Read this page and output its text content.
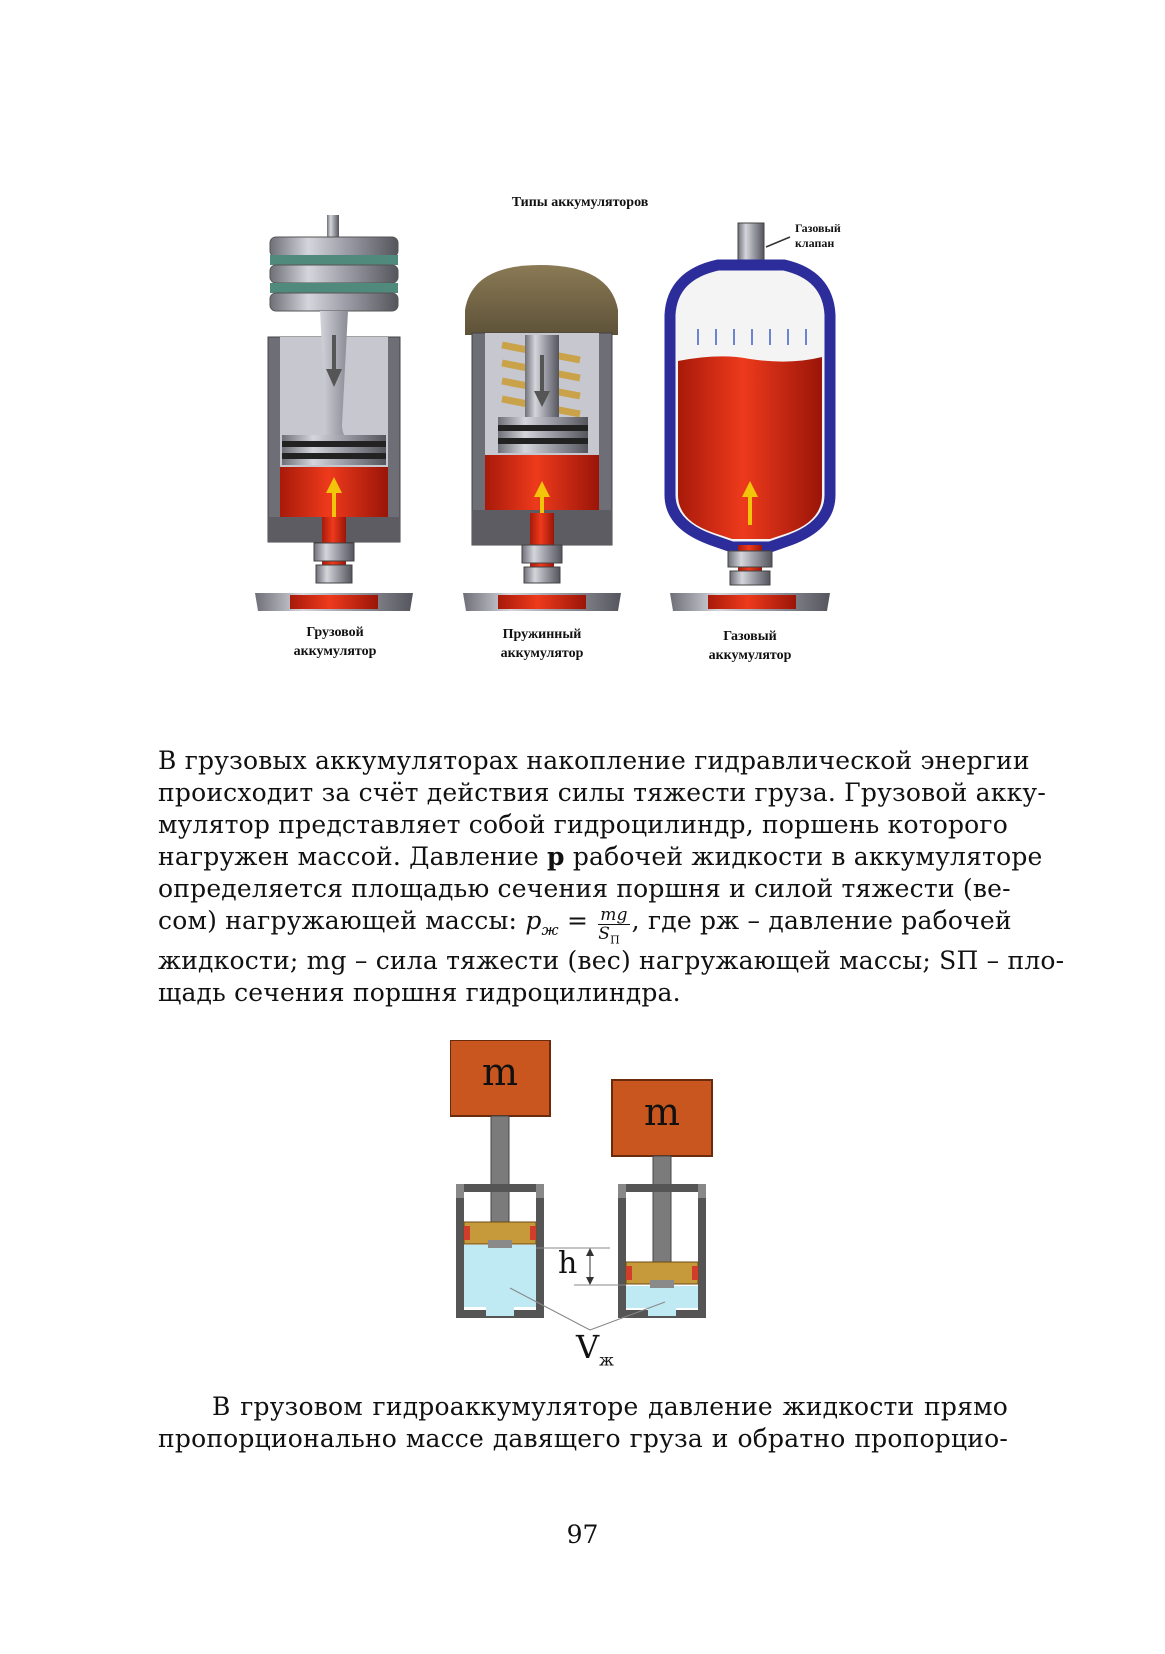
Типы аккумуляторов
Газовый
клапан
Грузовой
аккумулятор
Пружинный
аккумулятор
Газовый
аккумулятор
В грузовых аккумуляторах накопление гидравлической энергии
происходит за счёт действия силы тяжести груза. Грузовой акку-
мулятор представляет собой гидроцилиндр, поршень которого
нагружен массой. Давление p рабочей жидкости в аккумуляторе
определяется площадью сечения поршня и силой тяжести (ве-
сом) нагружающей массы: $p_ж = \frac{mg}{S_П}$ , где pж – давление рабочей
жидкости; mg – сила тяжести (вес) нагружающей массы; SП – пло-
щадь сечения поршня гидроцилиндра.
m
m
h
$V_ж$
В грузовом гидроаккумуляторе давление жидкости прямо
пропорционально массе давящего груза и обратно пропорцио-
97
